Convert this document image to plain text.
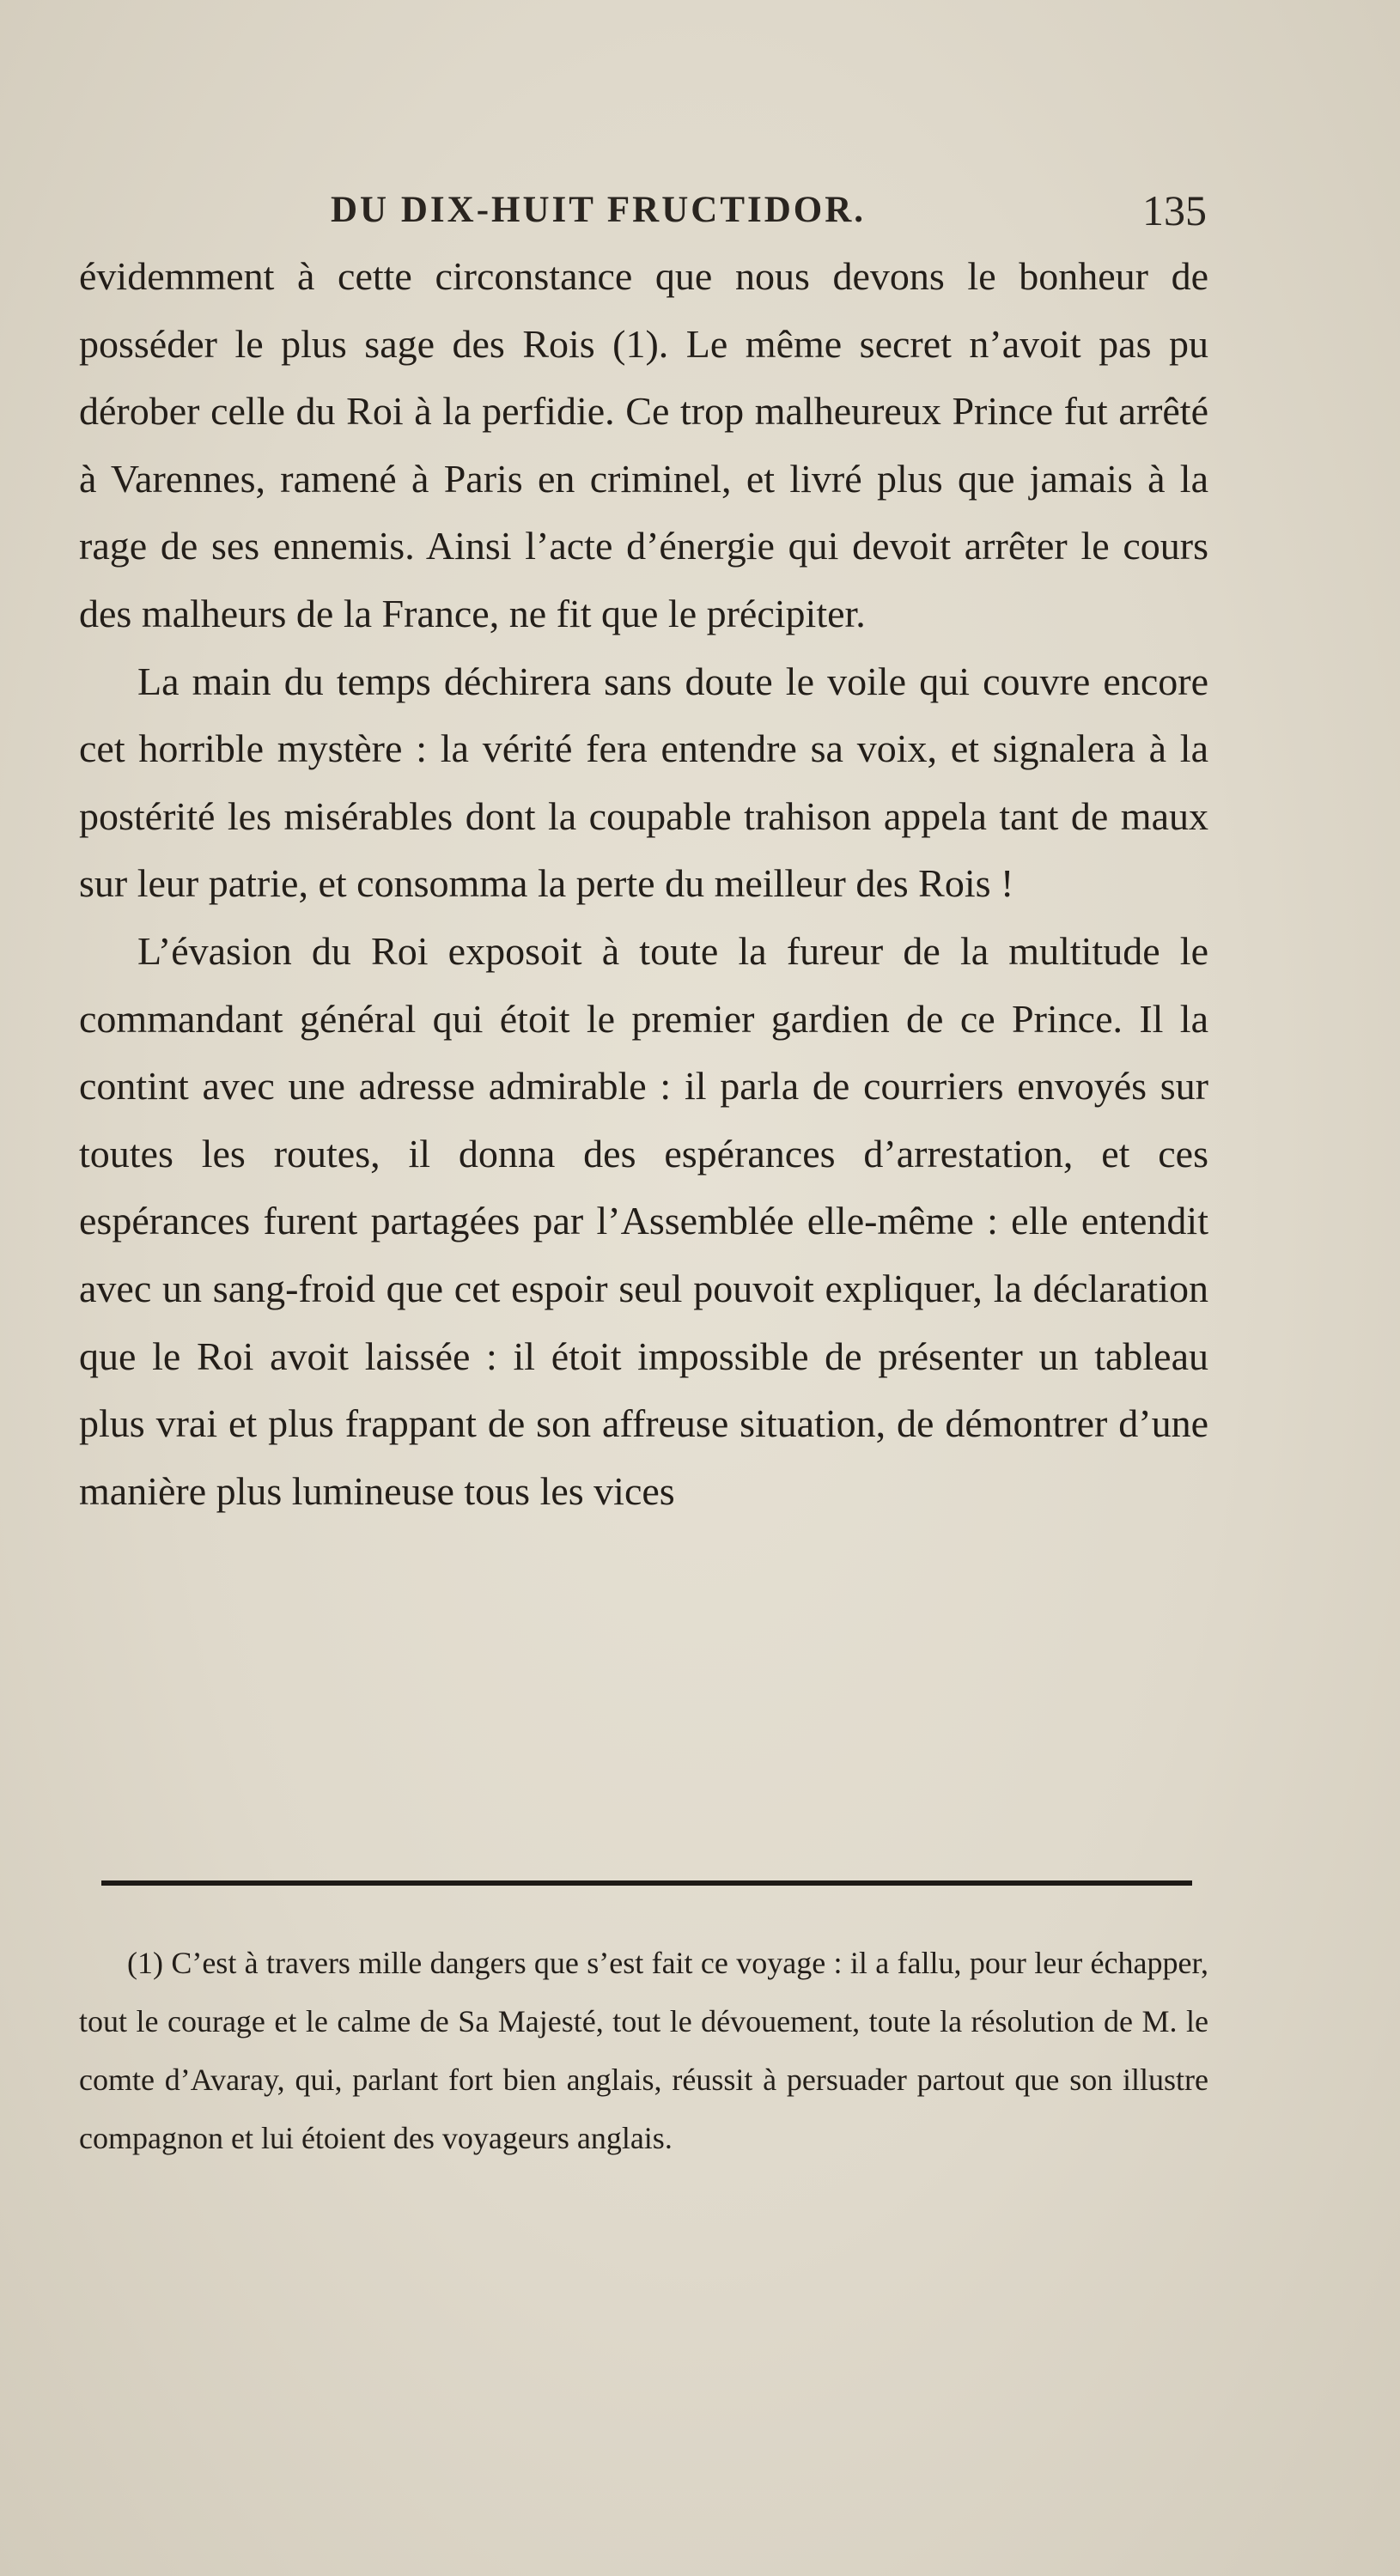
DU DIX-HUIT FRUCTIDOR.	135

évidemment à cette circonstance que nous devons le bonheur de posséder le plus sage des Rois (1). Le même secret n’avoit pas pu dérober celle du Roi à la perfidie. Ce trop malheureux Prince fut arrêté à Varennes, ramené à Paris en criminel, et livré plus que jamais à la rage de ses ennemis. Ainsi l’acte d’énergie qui devoit arrêter le cours des malheurs de la France, ne fit que le précipiter.

La main du temps déchirera sans doute le voile qui couvre encore cet horrible mystère : la vérité fera entendre sa voix, et signalera à la postérité les misérables dont la coupable trahison appela tant de maux sur leur patrie, et consomma la perte du meilleur des Rois !

L’évasion du Roi exposoit à toute la fureur de la multitude le commandant général qui étoit le premier gardien de ce Prince. Il la contint avec une adresse admirable : il parla de courriers envoyés sur toutes les routes, il donna des espérances d’arrestation, et ces espérances furent partagées par l’Assemblée elle-même : elle entendit avec un sang-froid que cet espoir seul pouvoit expliquer, la déclaration que le Roi avoit laissée : il étoit impossible de présenter un tableau plus vrai et plus frappant de son affreuse situation, de démontrer d’une manière plus lumineuse tous les vices

(1) C’est à travers mille dangers que s’est fait ce voyage : il a fallu, pour leur échapper, tout le courage et le calme de Sa Majesté, tout le dévouement, toute la résolution de M. le comte d’Avaray, qui, parlant fort bien anglais, réussit à persuader partout que son illustre compagnon et lui étoient des voyageurs anglais.
